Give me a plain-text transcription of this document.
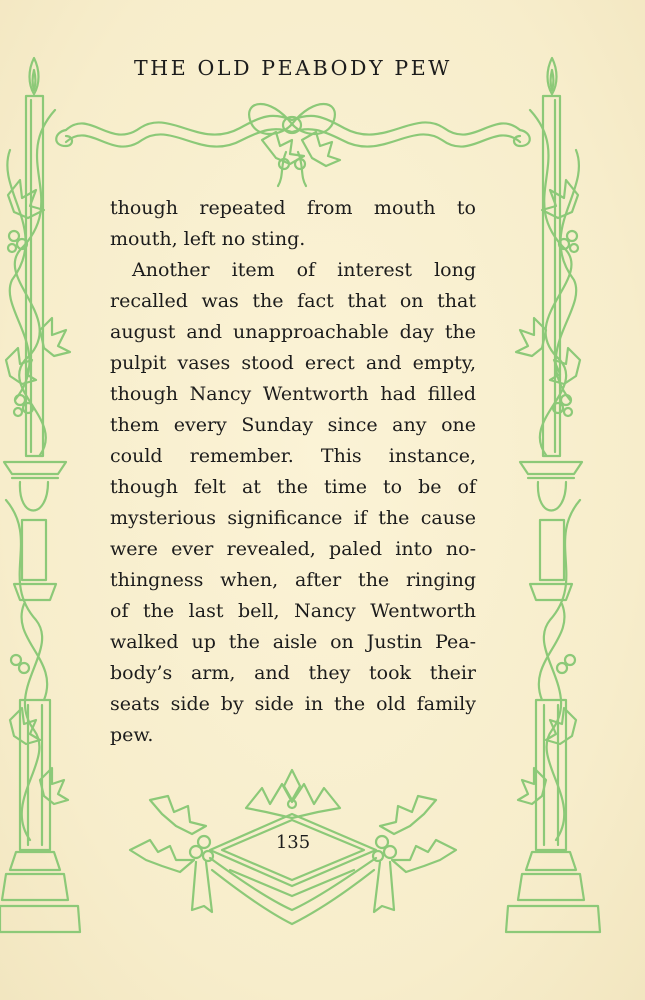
THE OLD PEABODY PEW
though repeated from mouth to
mouth, left no sting.
Another item of interest long
recalled was the fact that on that
august and unapproachable day the
pulpit vases stood erect and empty,
though Nancy Wentworth had filled
them every Sunday since any one
could remember. This instance,
though felt at the time to be of
mysterious significance if the cause
were ever revealed, paled into no-
thingness when, after the ringing
of the last bell, Nancy Wentworth
walked up the aisle on Justin Pea-
body’s arm, and they took their
seats side by side in the old family
pew.
135
